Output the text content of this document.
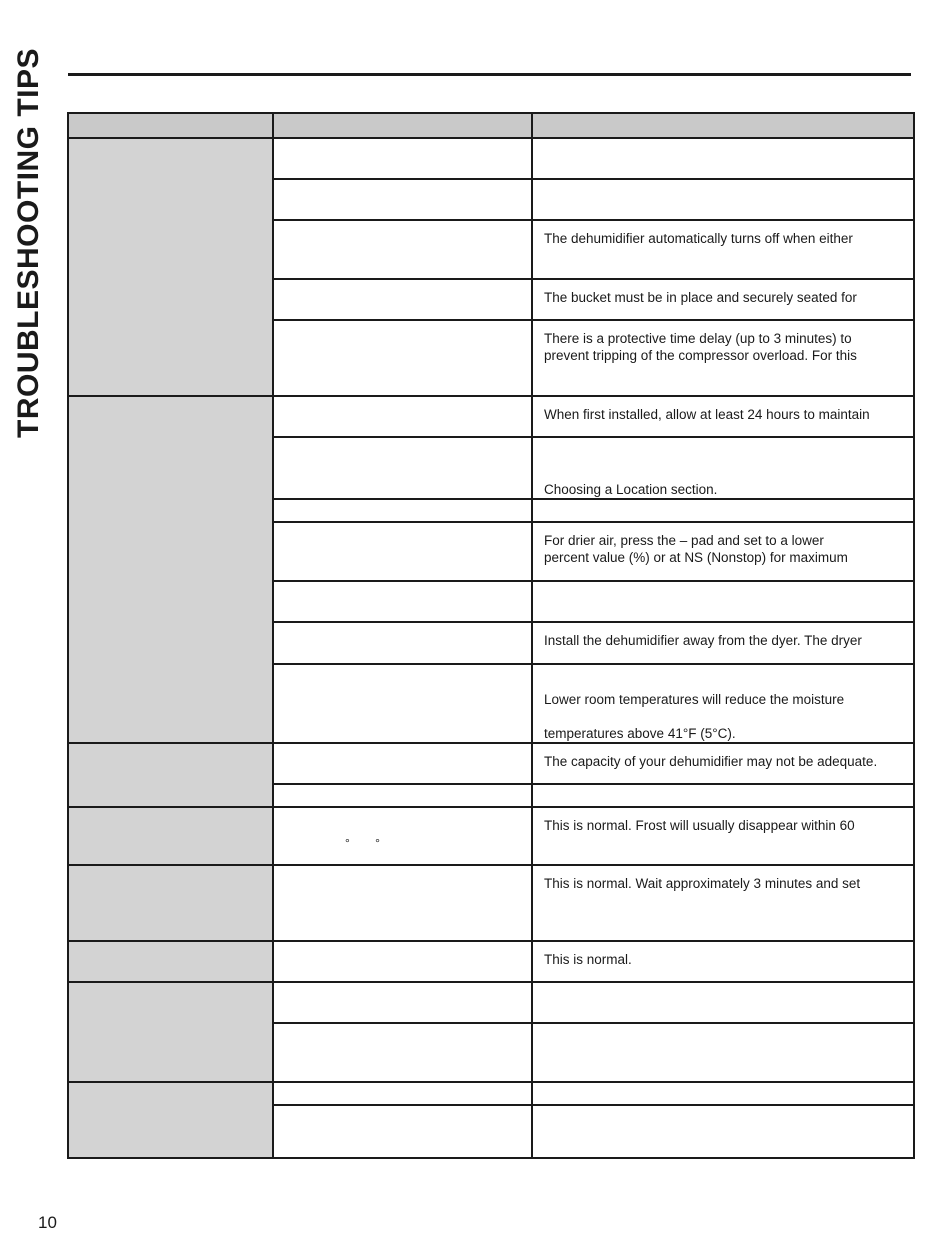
TROUBLESHOOTING TIPS

		The dehumidifier automatically turns off when either

		The bucket must be in place and securely seated for

		There is a protective time delay (up to 3 minutes) to
prevent tripping of the compressor overload. For this

		When first installed, allow at least 24 hours to maintain

		Choosing a Location section.

		For drier air, press the – pad and set to a lower
percent value (%) or at NS (Nonstop) for maximum

		Install the dehumidifier away from the dyer. The dryer

		Lower room temperatures will reduce the moisture
temperatures above 41°F (5°C).

		The capacity of your dehumidifier may not be adequate.

		This is normal. Frost will usually disappear within 60

		This is normal. Wait approximately 3 minutes and set

		This is normal.

° °
10
